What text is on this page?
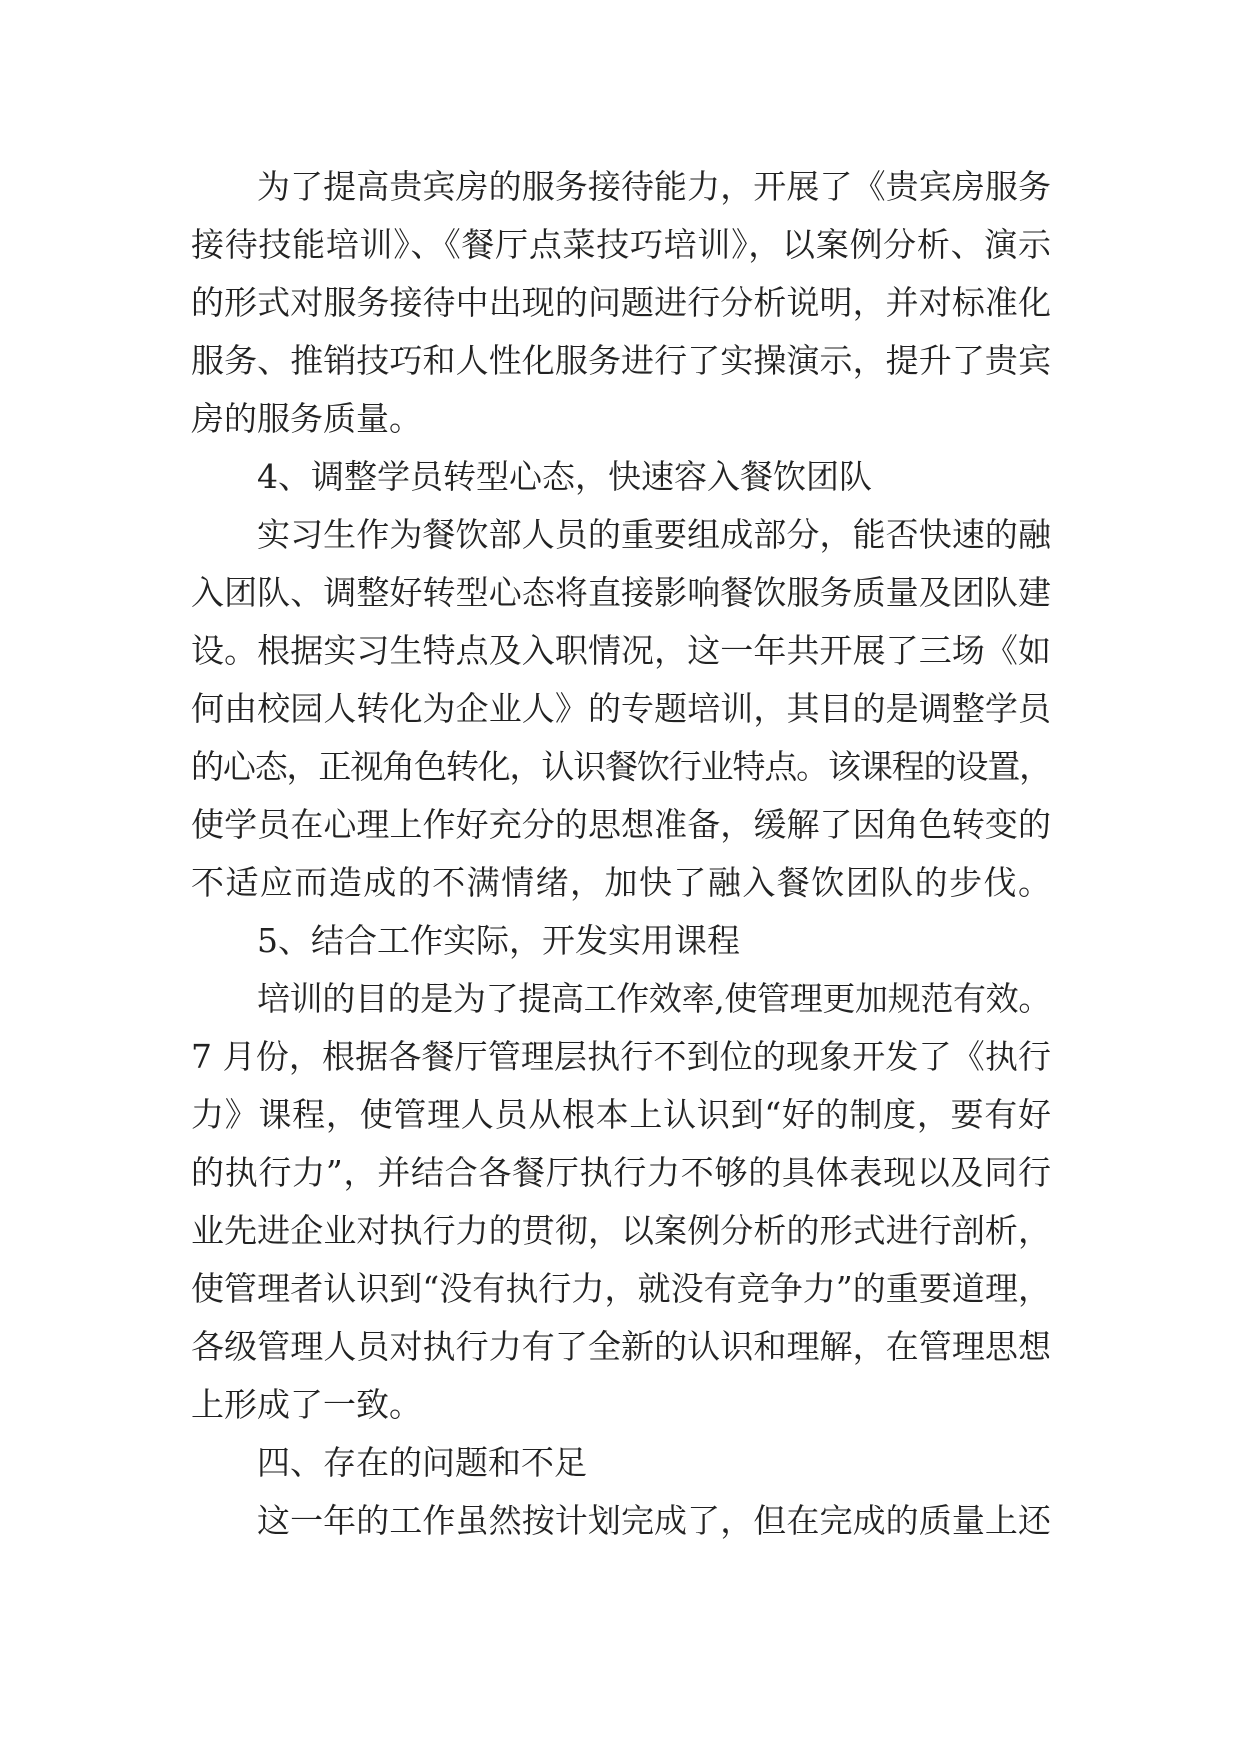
为了提高贵宾房的服务接待能力，开展了《贵宾房服务
接待技能培训》、《餐厅点菜技巧培训》，以案例分析、演示
的形式对服务接待中出现的问题进行分析说明，并对标准化
服务、推销技巧和人性化服务进行了实操演示，提升了贵宾
房的服务质量。
4、调整学员转型心态，快速容入餐饮团队
实习生作为餐饮部人员的重要组成部分，能否快速的融
入团队、调整好转型心态将直接影响餐饮服务质量及团队建
设。根据实习生特点及入职情况，这一年共开展了三场《如
何由校园人转化为企业人》的专题培训，其目的是调整学员
的心态，正视角色转化，认识餐饮行业特点。该课程的设置，
使学员在心理上作好充分的思想准备，缓解了因角色转变的
不适应而造成的不满情绪，加快了融入餐饮团队的步伐。
5、结合工作实际，开发实用课程
培训的目的是为了提高工作效率,使管理更加规范有效。
7 月份，根据各餐厅管理层执行不到位的现象开发了《执行
力》课程，使管理人员从根本上认识到“好的制度，要有好
的执行力”，并结合各餐厅执行力不够的具体表现以及同行
业先进企业对执行力的贯彻，以案例分析的形式进行剖析，
使管理者认识到“没有执行力，就没有竞争力”的重要道理，
各级管理人员对执行力有了全新的认识和理解，在管理思想
上形成了一致。
四、存在的问题和不足
这一年的工作虽然按计划完成了，但在完成的质量上还
